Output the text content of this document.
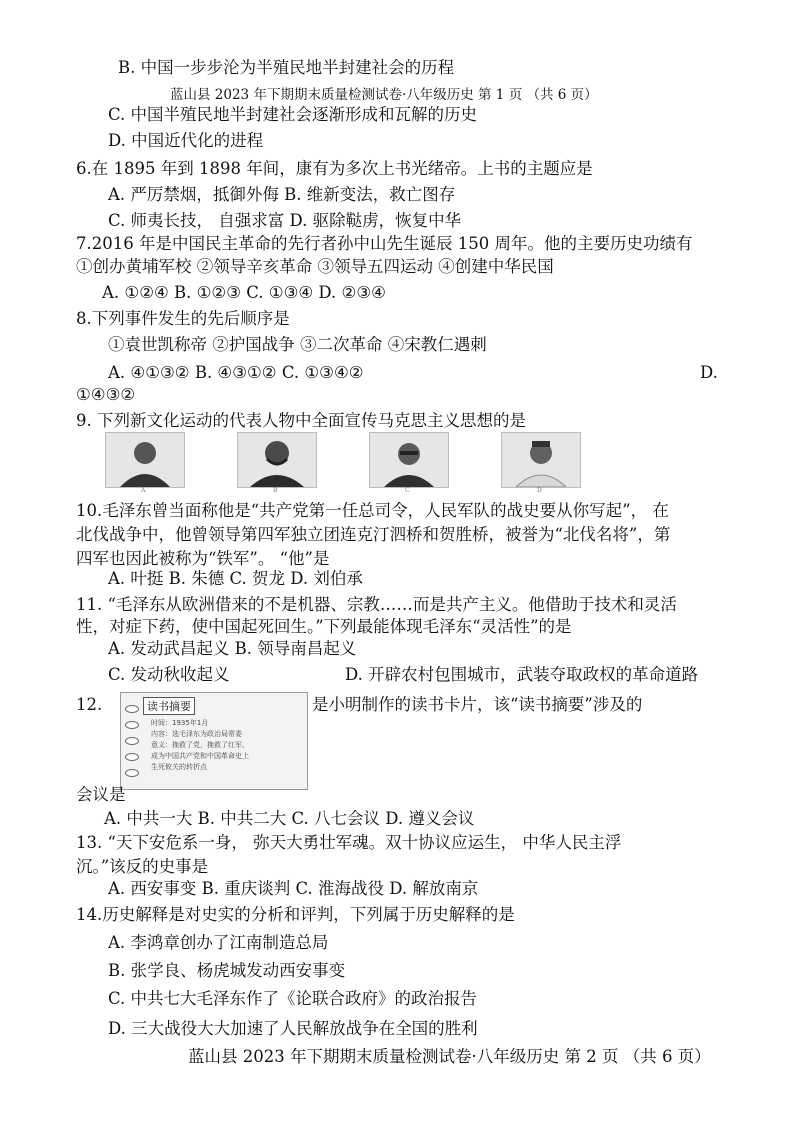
B. 中国一步步沦为半殖民地半封建社会的历程
蓝山县 2023 年下期期末质量检测试卷·八年级历史 第 1 页 （共 6 页）
C. 中国半殖民地半封建社会逐渐形成和瓦解的历史
D. 中国近代化的进程
6.在 1895 年到 1898 年间，康有为多次上书光绪帝。上书的主题应是
A. 严厉禁烟，抵御外侮 B. 维新变法，救亡图存
C. 师夷长技， 自强求富 D. 驱除鞑虏，恢复中华
7.2016 年是中国民主革命的先行者孙中山先生诞辰 150 周年。他的主要历史功绩有
①创办黄埔军校 ②领导辛亥革命 ③领导五四运动 ④创建中华民国
A. ①②④ B. ①②③ C. ①③④ D. ②③④
8.下列事件发生的先后顺序是
①袁世凯称帝 ②护国战争 ③二次革命 ④宋教仁遇刺
A. ④①③② B. ④③①② C. ①③④②	D.
①④③②
9. 下列新文化运动的代表人物中全面宣传马克思主义思想的是
A	B	C	D
10.毛泽东曾当面称他是“共产党第一任总司令，人民军队的战史要从你写起”， 在
北伐战争中，他曾领导第四军独立团连克汀泗桥和贺胜桥，被誉为“北伐名将”，第
四军也因此被称为“铁军”。 “他”是
A. 叶挺 B. 朱德 C. 贺龙 D. 刘伯承
11. “毛泽东从欧洲借来的不是机器、宗教……而是共产主义。他借助于技术和灵活
性，对症下药，使中国起死回生。”下列最能体现毛泽东“灵活性”的是
A. 发动武昌起义 B. 领导南昌起义
C. 发动秋收起义	D. 开辟农村包围城市，武装夺取政权的革命道路
12.	读书摘要
时间：1935年1月
内容：选毛泽东为政治局常委
意义：挽救了党，挽救了红军，
成为中国共产党和中国革命史上
生死攸关的转折点
是小明制作的读书卡片，该“读书摘要”涉及的
会议是
A. 中共一大 B. 中共二大 C. 八七会议 D. 遵义会议
13. “天下安危系一身， 弥天大勇壮军魂。双十协议应运生， 中华人民主浮
沉。”该反的史事是
A. 西安事变 B. 重庆谈判 C. 淮海战役 D. 解放南京
14.历史解释是对史实的分析和评判，下列属于历史解释的是
A. 李鸿章创办了江南制造总局
B. 张学良、杨虎城发动西安事变
C. 中共七大毛泽东作了《论联合政府》的政治报告
D. 三大战役大大加速了人民解放战争在全国的胜利
蓝山县 2023 年下期期末质量检测试卷·八年级历史 第 2 页 （共 6 页）
